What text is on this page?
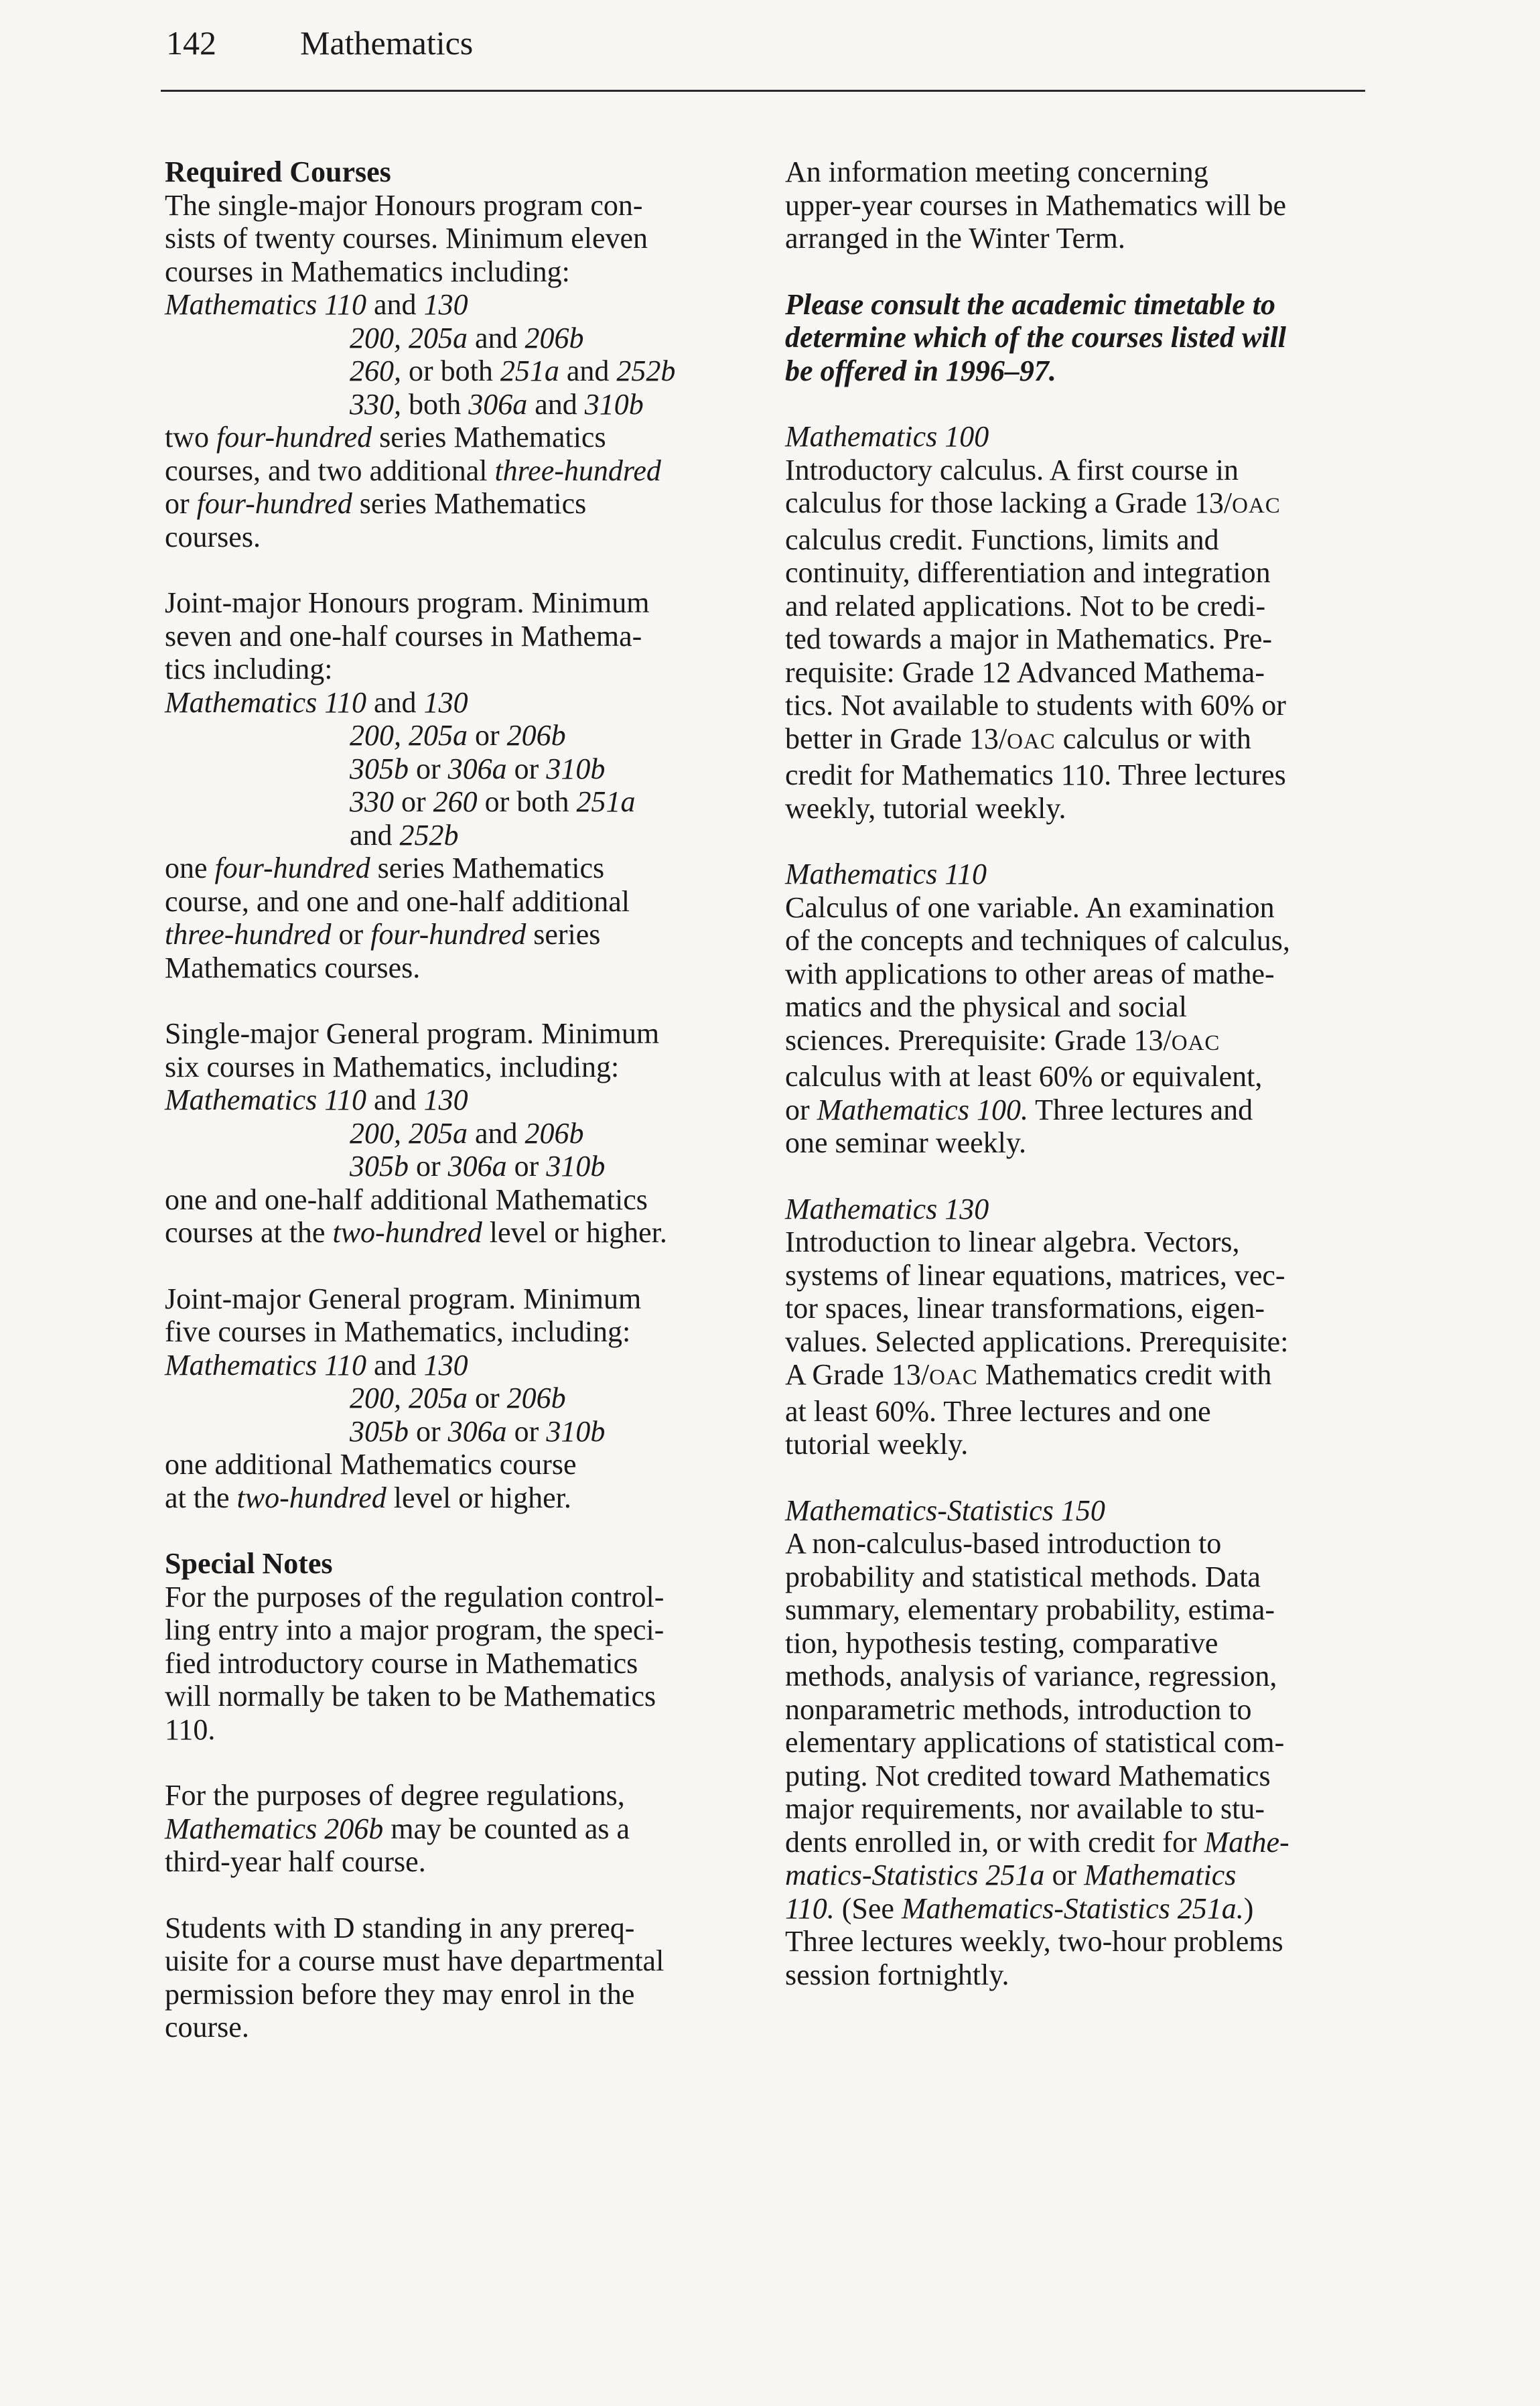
142	Mathematics
Required Courses
The single-major Honours program con-
sists of twenty courses. Minimum eleven
courses in Mathematics including:
Mathematics 110 and 130
200, 205a and 206b
260, or both 251a and 252b
330, both 306a and 310b
two four-hundred series Mathematics
courses, and two additional three-hundred
or four-hundred series Mathematics
courses.
Joint-major Honours program. Minimum
seven and one-half courses in Mathema-
tics including:
Mathematics 110 and 130
200, 205a or 206b
305b or 306a or 310b
330 or 260 or both 251a
and 252b
one four-hundred series Mathematics
course, and one and one-half additional
three-hundred or four-hundred series
Mathematics courses.
Single-major General program. Minimum
six courses in Mathematics, including:
Mathematics 110 and 130
200, 205a and 206b
305b or 306a or 310b
one and one-half additional Mathematics
courses at the two-hundred level or higher.
Joint-major General program. Minimum
five courses in Mathematics, including:
Mathematics 110 and 130
200, 205a or 206b
305b or 306a or 310b
one additional Mathematics course
at the two-hundred level or higher.
Special Notes
For the purposes of the regulation control-
ling entry into a major program, the speci-
fied introductory course in Mathematics
will normally be taken to be Mathematics
110.
For the purposes of degree regulations,
Mathematics 206b may be counted as a
third-year half course.
Students with D standing in any prereq-
uisite for a course must have departmental
permission before they may enrol in the
course.
An information meeting concerning
upper-year courses in Mathematics will be
arranged in the Winter Term.
Please consult the academic timetable to
determine which of the courses listed will
be offered in 1996–97.
Mathematics 100
Introductory calculus. A first course in
calculus for those lacking a Grade 13/OAC
calculus credit. Functions, limits and
continuity, differentiation and integration
and related applications. Not to be credi-
ted towards a major in Mathematics. Pre-
requisite: Grade 12 Advanced Mathema-
tics. Not available to students with 60% or
better in Grade 13/OAC calculus or with
credit for Mathematics 110. Three lectures
weekly, tutorial weekly.
Mathematics 110
Calculus of one variable. An examination
of the concepts and techniques of calculus,
with applications to other areas of mathe-
matics and the physical and social
sciences. Prerequisite: Grade 13/OAC
calculus with at least 60% or equivalent,
or Mathematics 100. Three lectures and
one seminar weekly.
Mathematics 130
Introduction to linear algebra. Vectors,
systems of linear equations, matrices, vec-
tor spaces, linear transformations, eigen-
values. Selected applications. Prerequisite:
A Grade 13/OAC Mathematics credit with
at least 60%. Three lectures and one
tutorial weekly.
Mathematics-Statistics 150
A non-calculus-based introduction to
probability and statistical methods. Data
summary, elementary probability, estima-
tion, hypothesis testing, comparative
methods, analysis of variance, regression,
nonparametric methods, introduction to
elementary applications of statistical com-
puting. Not credited toward Mathematics
major requirements, nor available to stu-
dents enrolled in, or with credit for Mathe-
matics-Statistics 251a or Mathematics
110. (See Mathematics-Statistics 251a.)
Three lectures weekly, two-hour problems
session fortnightly.
